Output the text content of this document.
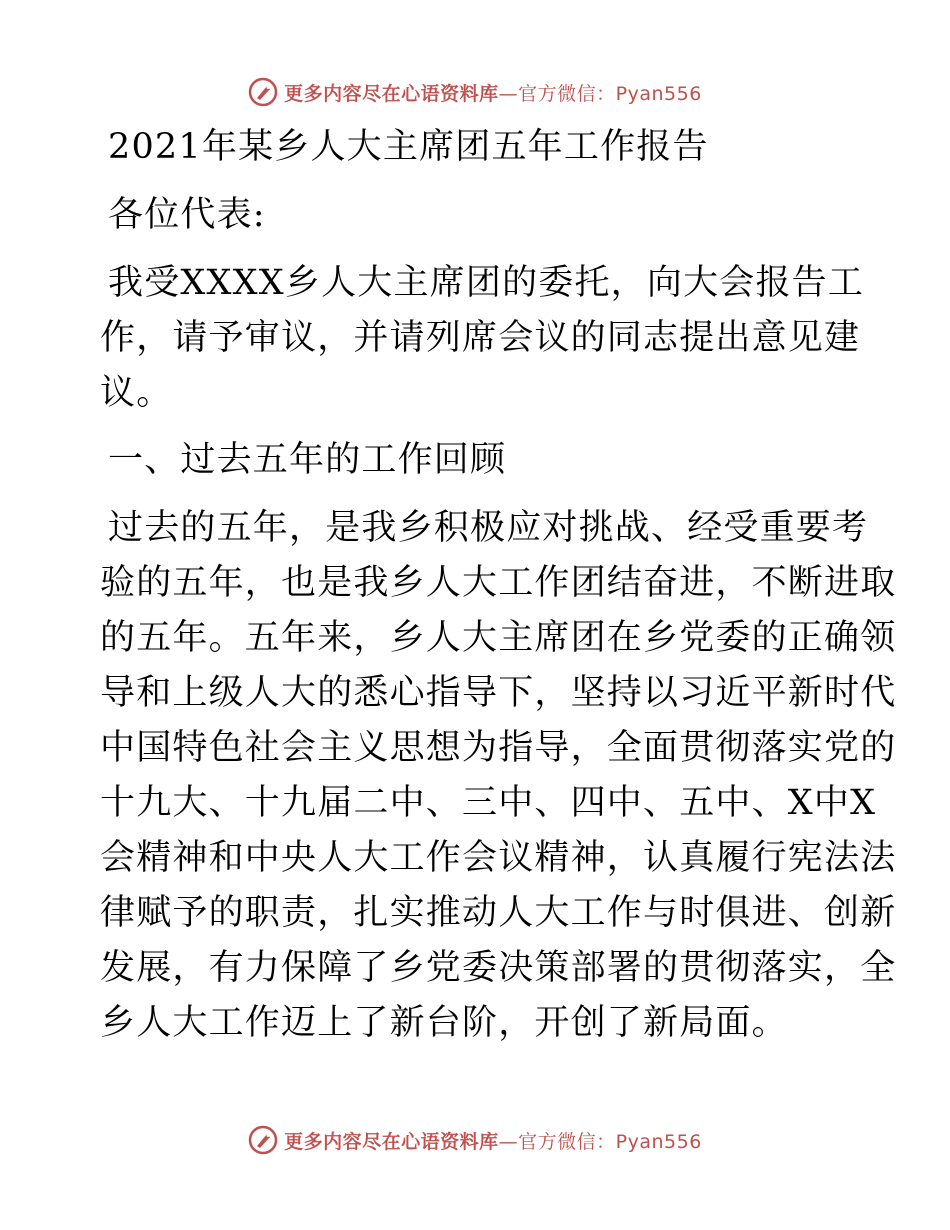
更多内容尽在心语资料库 —官方微信：Pyan556
2021年某乡人大主席团五年工作报告
各位代表:
我受XXXX乡人大主席团的委托，向大会报告工
作，请予审议，并请列席会议的同志提出意见建
议。
一、过去五年的工作回顾
过去的五年，是我乡积极应对挑战、经受重要考
验的五年，也是我乡人大工作团结奋进，不断进取
的五年。五年来，乡人大主席团在乡党委的正确领
导和上级人大的悉心指导下，坚持以习近平新时代
中国特色社会主义思想为指导，全面贯彻落实党的
十九大、十九届二中、三中、四中、五中、X中X
会精神和中央人大工作会议精神，认真履行宪法法
律赋予的职责，扎实推动人大工作与时俱进、创新
发展，有力保障了乡党委决策部署的贯彻落实，全
乡人大工作迈上了新台阶，开创了新局面。
更多内容尽在心语资料库 —官方微信：Pyan556
